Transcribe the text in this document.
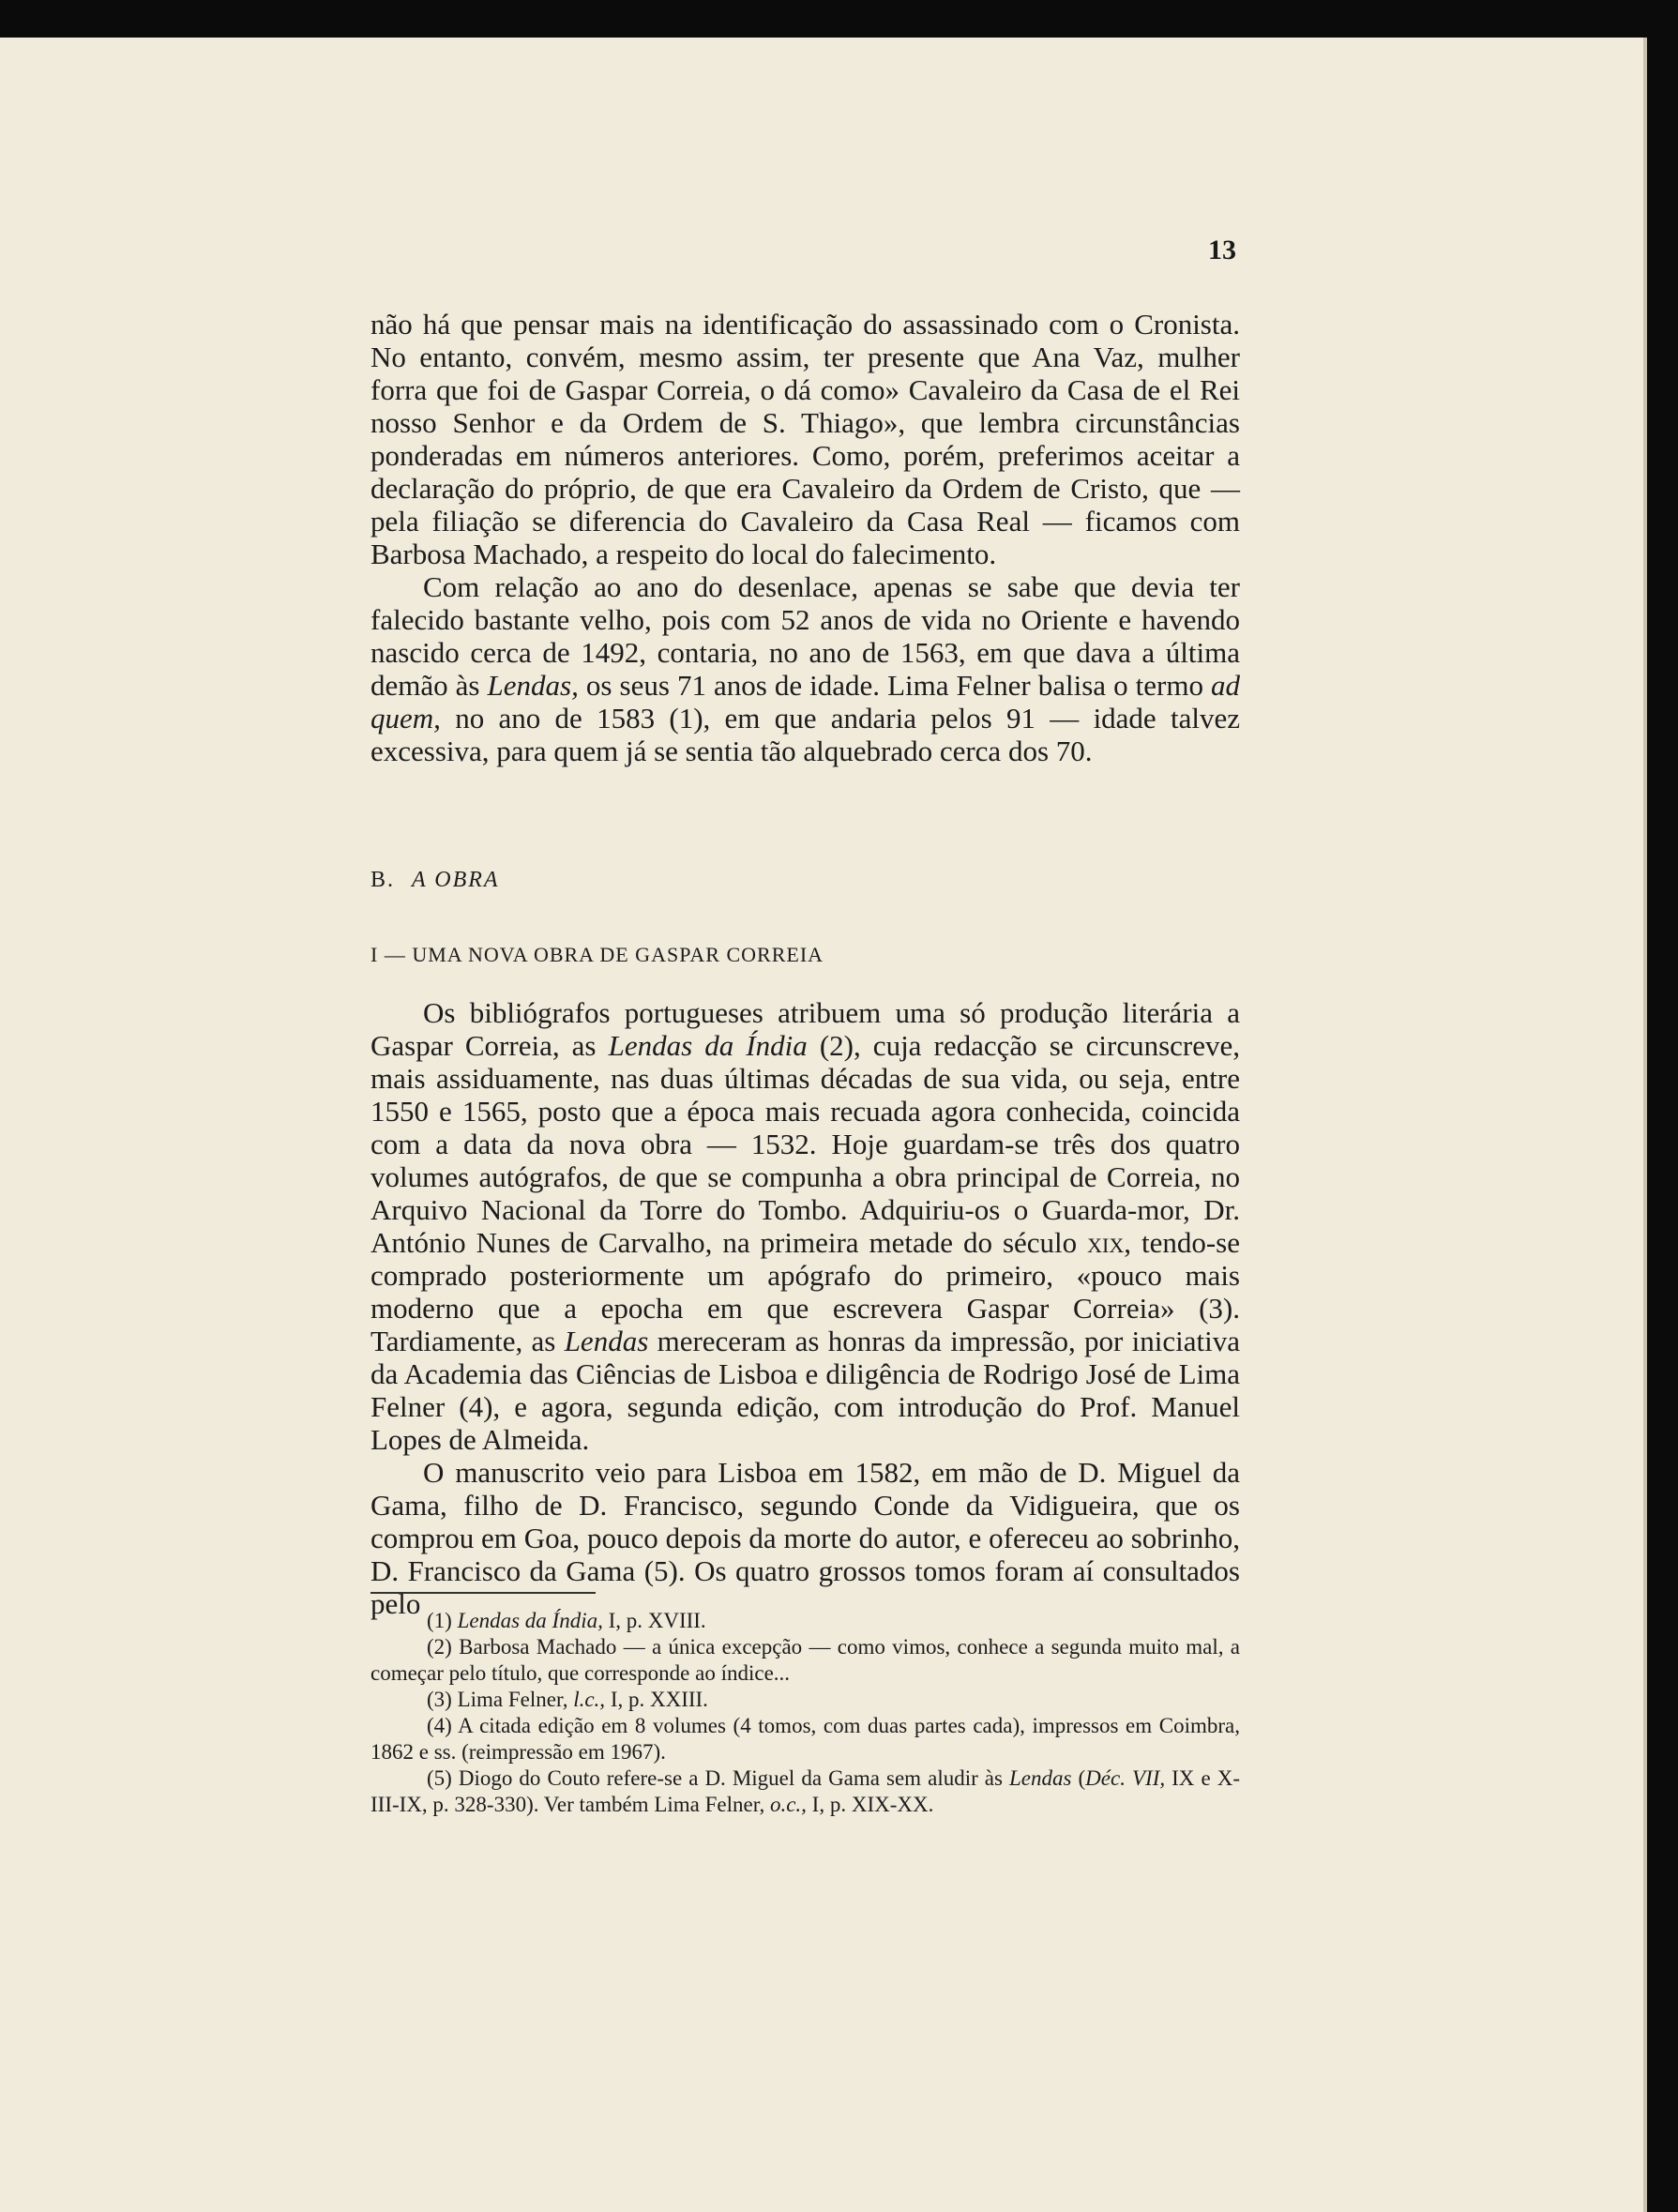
13

não há que pensar mais na identificação do assassinado com o Cronista. No entanto, convém, mesmo assim, ter presente que Ana Vaz, mulher forra que foi de Gaspar Correia, o dá como» Cavaleiro da Casa de el Rei nosso Senhor e da Ordem de S. Thiago», que lembra circunstâncias ponderadas em números anteriores. Como, porém, preferimos aceitar a declaração do próprio, de que era Cavaleiro da Ordem de Cristo, que — pela filiação se diferencia do Cavaleiro da Casa Real — ficamos com Barbosa Machado, a respeito do local do falecimento.

Com relação ao ano do desenlace, apenas se sabe que devia ter falecido bastante velho, pois com 52 anos de vida no Oriente e havendo nascido cerca de 1492, contaria, no ano de 1563, em que dava a última demão às Lendas, os seus 71 anos de idade. Lima Felner balisa o termo ad quem, no ano de 1583 (1), em que andaria pelos 91 — idade talvez excessiva, para quem já se sentia tão alquebrado cerca dos 70.

B. A OBRA
I — UMA NOVA OBRA DE GASPAR CORREIA

Os bibliógrafos portugueses atribuem uma só produção literária a Gaspar Correia, as Lendas da Índia (2), cuja redacção se circunscreve, mais assiduamente, nas duas últimas décadas de sua vida, ou seja, entre 1550 e 1565, posto que a época mais recuada agora conhecida, coincida com a data da nova obra — 1532. Hoje guardam-se três dos quatro volumes autógrafos, de que se compunha a obra principal de Correia, no Arquivo Nacional da Torre do Tombo. Adquiriu-os o Guarda-mor, Dr. António Nunes de Carvalho, na primeira metade do século xix, tendo-se comprado posteriormente um apógrafo do primeiro, «pouco mais moderno que a epocha em que escrevera Gaspar Correia» (3). Tardiamente, as Lendas mereceram as honras da impressão, por iniciativa da Academia das Ciências de Lisboa e diligência de Rodrigo José de Lima Felner (4), e agora, segunda edição, com introdução do Prof. Manuel Lopes de Almeida.

O manuscrito veio para Lisboa em 1582, em mão de D. Miguel da Gama, filho de D. Francisco, segundo Conde da Vidigueira, que os comprou em Goa, pouco depois da morte do autor, e ofereceu ao sobrinho, D. Francisco da Gama (5). Os quatro grossos tomos foram aí consultados pelo

(1) Lendas da Índia, I, p. XVIII.

(2) Barbosa Machado — a única excepção — como vimos, conhece a segunda muito mal, a começar pelo título, que corresponde ao índice...

(3) Lima Felner, l.c., I, p. XXIII.

(4) A citada edição em 8 volumes (4 tomos, com duas partes cada), impressos em Coimbra, 1862 e ss. (reimpressão em 1967).

(5) Diogo do Couto refere-se a D. Miguel da Gama sem aludir às Lendas (Déc. VII, IX e X-III-IX, p. 328-330). Ver também Lima Felner, o.c., I, p. XIX-XX.
